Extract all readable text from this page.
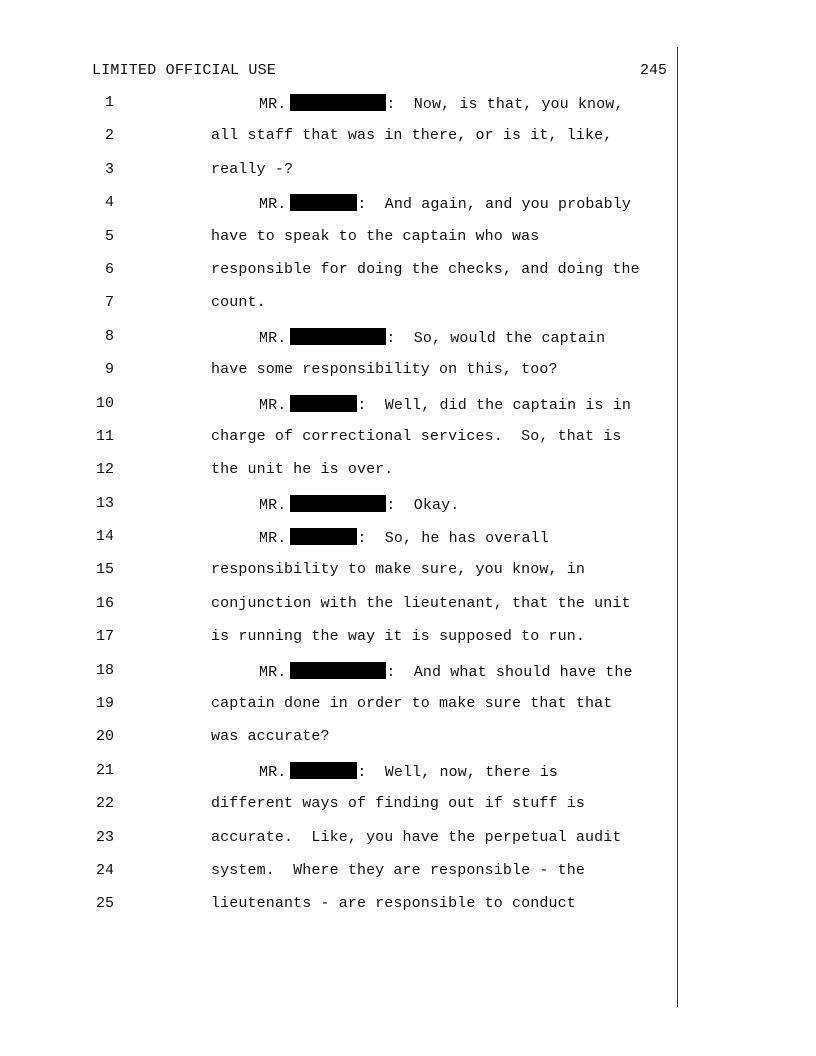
LIMITED OFFICIAL USE	245
1	MR.	:  Now, is that, you know,
2	all staff that was in there, or is it, like,
3	really -?
4	MR.	:  And again, and you probably
5	have to speak to the captain who was
6	responsible for doing the checks, and doing the
7	count.
8	MR.	:  So, would the captain
9	have some responsibility on this, too?
10	MR.	:  Well, did the captain is in
11	charge of correctional services.  So, that is
12	the unit he is over.
13	MR.	:  Okay.
14	MR.	:  So, he has overall
15	responsibility to make sure, you know, in
16	conjunction with the lieutenant, that the unit
17	is running the way it is supposed to run.
18	MR.	:  And what should have the
19	captain done in order to make sure that that
20	was accurate?
21	MR.	:  Well, now, there is
22	different ways of finding out if stuff is
23	accurate.  Like, you have the perpetual audit
24	system.  Where they are responsible - the
25	lieutenants - are responsible to conduct
